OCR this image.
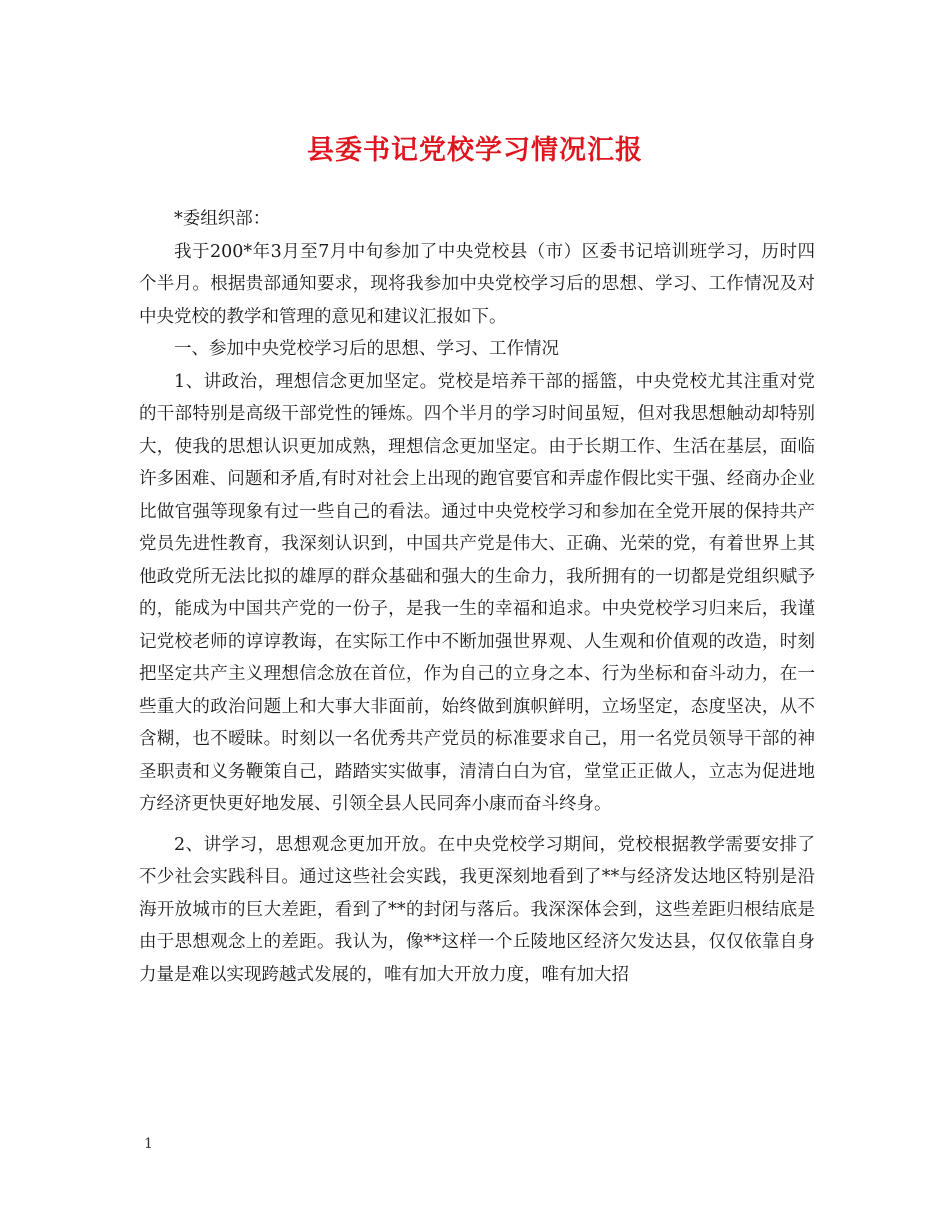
县委书记党校学习情况汇报

*委组织部：

我于200*年3月至7月中旬参加了中央党校县（市）区委书记培训班学习，历时四个半月。根据贵部通知要求，现将我参加中央党校学习后的思想、学习、工作情况及对中央党校的教学和管理的意见和建议汇报如下。

一、参加中央党校学习后的思想、学习、工作情况

1、讲政治，理想信念更加坚定。党校是培养干部的摇篮，中央党校尤其注重对党的干部特别是高级干部党性的锤炼。四个半月的学习时间虽短，但对我思想触动却特别大，使我的思想认识更加成熟，理想信念更加坚定。由于长期工作、生活在基层，面临许多困难、问题和矛盾,有时对社会上出现的跑官要官和弄虚作假比实干强、经商办企业比做官强等现象有过一些自己的看法。通过中央党校学习和参加在全党开展的保持共产党员先进性教育，我深刻认识到，中国共产党是伟大、正确、光荣的党，有着世界上其他政党所无法比拟的雄厚的群众基础和强大的生命力，我所拥有的一切都是党组织赋予的，能成为中国共产党的一份子，是我一生的幸福和追求。中央党校学习归来后，我谨记党校老师的谆谆教诲，在实际工作中不断加强世界观、人生观和价值观的改造，时刻把坚定共产主义理想信念放在首位，作为自己的立身之本、行为坐标和奋斗动力，在一些重大的政治问题上和大事大非面前，始终做到旗帜鲜明，立场坚定，态度坚决，从不含糊，也不暧昧。时刻以一名优秀共产党员的标准要求自己，用一名党员领导干部的神圣职责和义务鞭策自己，踏踏实实做事，清清白白为官，堂堂正正做人，立志为促进地方经济更快更好地发展、引领全县人民同奔小康而奋斗终身。

2、讲学习，思想观念更加开放。在中央党校学习期间，党校根据教学需要安排了不少社会实践科目。通过这些社会实践，我更深刻地看到了**与经济发达地区特别是沿海开放城市的巨大差距，看到了**的封闭与落后。我深深体会到，这些差距归根结底是由于思想观念上的差距。我认为，像**这样一个丘陵地区经济欠发达县，仅仅依靠自身力量是难以实现跨越式发展的，唯有加大开放力度，唯有加大招

1
